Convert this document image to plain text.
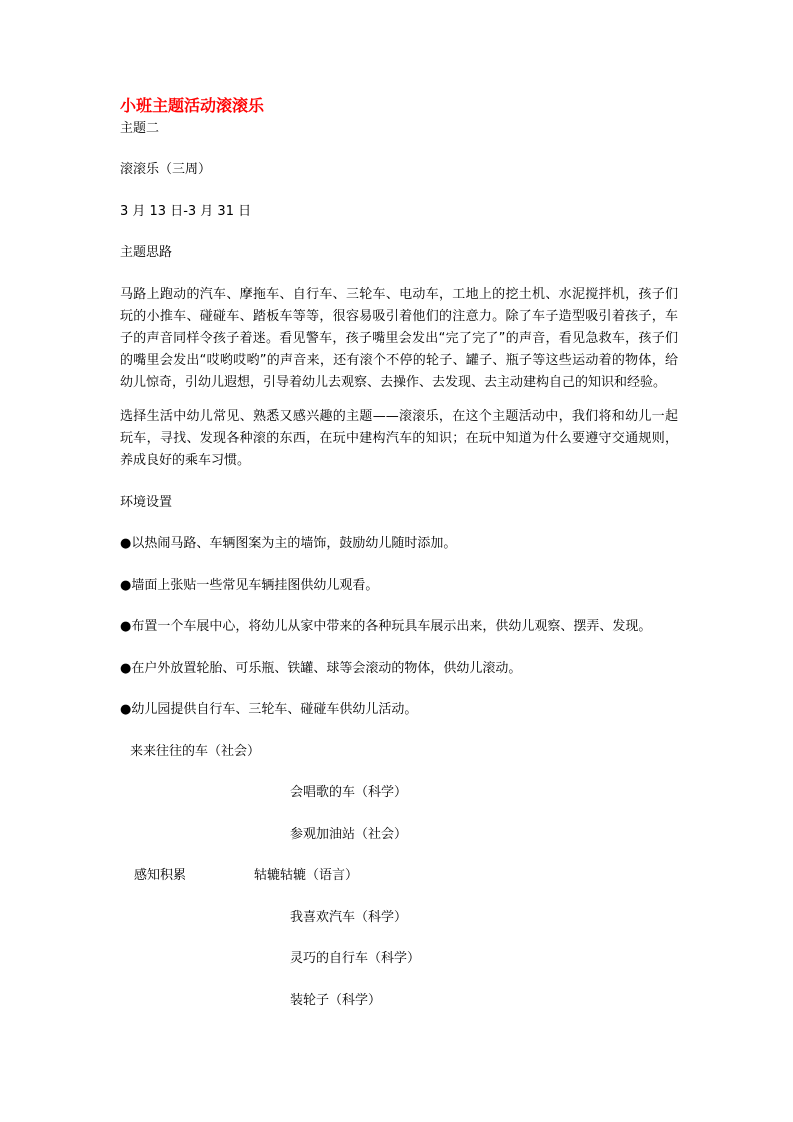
小班主题活动滚滚乐
主题二
滚滚乐（三周）
3 月 13 日-3 月 31 日
主题思路
马路上跑动的汽车、摩拖车、自行车、三轮车、电动车，工地上的挖土机、水泥搅拌机，孩子们玩的小推车、碰碰车、踏板车等等，很容易吸引着他们的注意力。除了车子造型吸引着孩子，车子的声音同样令孩子着迷。看见警车，孩子嘴里会发出“完了完了”的声音，看见急救车，孩子们的嘴里会发出“哎哟哎哟”的声音来，还有滚个不停的轮子、罐子、瓶子等这些运动着的物体，给幼儿惊奇，引幼儿遐想，引导着幼儿去观察、去操作、去发现、去主动建构自己的知识和经验。
选择生活中幼儿常见、熟悉又感兴趣的主题——滚滚乐，在这个主题活动中，我们将和幼儿一起玩车，寻找、发现各种滚的东西，在玩中建构汽车的知识；在玩中知道为什么要遵守交通规则，养成良好的乘车习惯。
环境设置
●以热闹马路、车辆图案为主的墙饰，鼓励幼儿随时添加。
●墙面上张贴一些常见车辆挂图供幼儿观看。
●布置一个车展中心，将幼儿从家中带来的各种玩具车展示出来，供幼儿观察、摆弄、发现。
●在户外放置轮胎、可乐瓶、铁罐、球等会滚动的物体，供幼儿滚动。
●幼儿园提供自行车、三轮车、碰碰车供幼儿活动。
来来往往的车（社会）
会唱歌的车（科学）
参观加油站（社会）
感知积累	轱辘轱辘（语言）
我喜欢汽车（科学）
灵巧的自行车（科学）
装轮子（科学）
